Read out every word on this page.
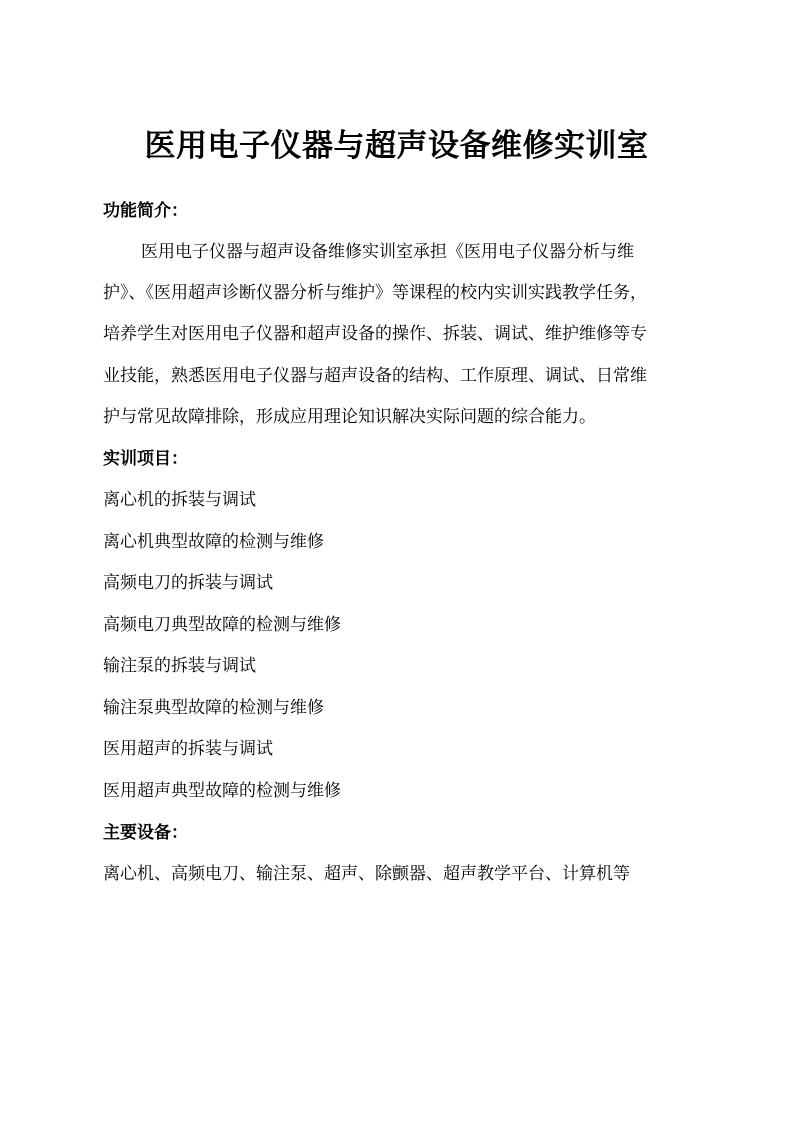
医用电子仪器与超声设备维修实训室
功能简介：
医用电子仪器与超声设备维修实训室承担《医用电子仪器分析与维
护》、《医用超声诊断仪器分析与维护》等课程的校内实训实践教学任务，
培养学生对医用电子仪器和超声设备的操作、拆装、调试、维护维修等专
业技能，熟悉医用电子仪器与超声设备的结构、工作原理、调试、日常维
护与常见故障排除，形成应用理论知识解决实际问题的综合能力。
实训项目：
离心机的拆装与调试
离心机典型故障的检测与维修
高频电刀的拆装与调试
高频电刀典型故障的检测与维修
输注泵的拆装与调试
输注泵典型故障的检测与维修
医用超声的拆装与调试
医用超声典型故障的检测与维修
主要设备：
离心机、高频电刀、输注泵、超声、除颤器、超声教学平台、计算机等
